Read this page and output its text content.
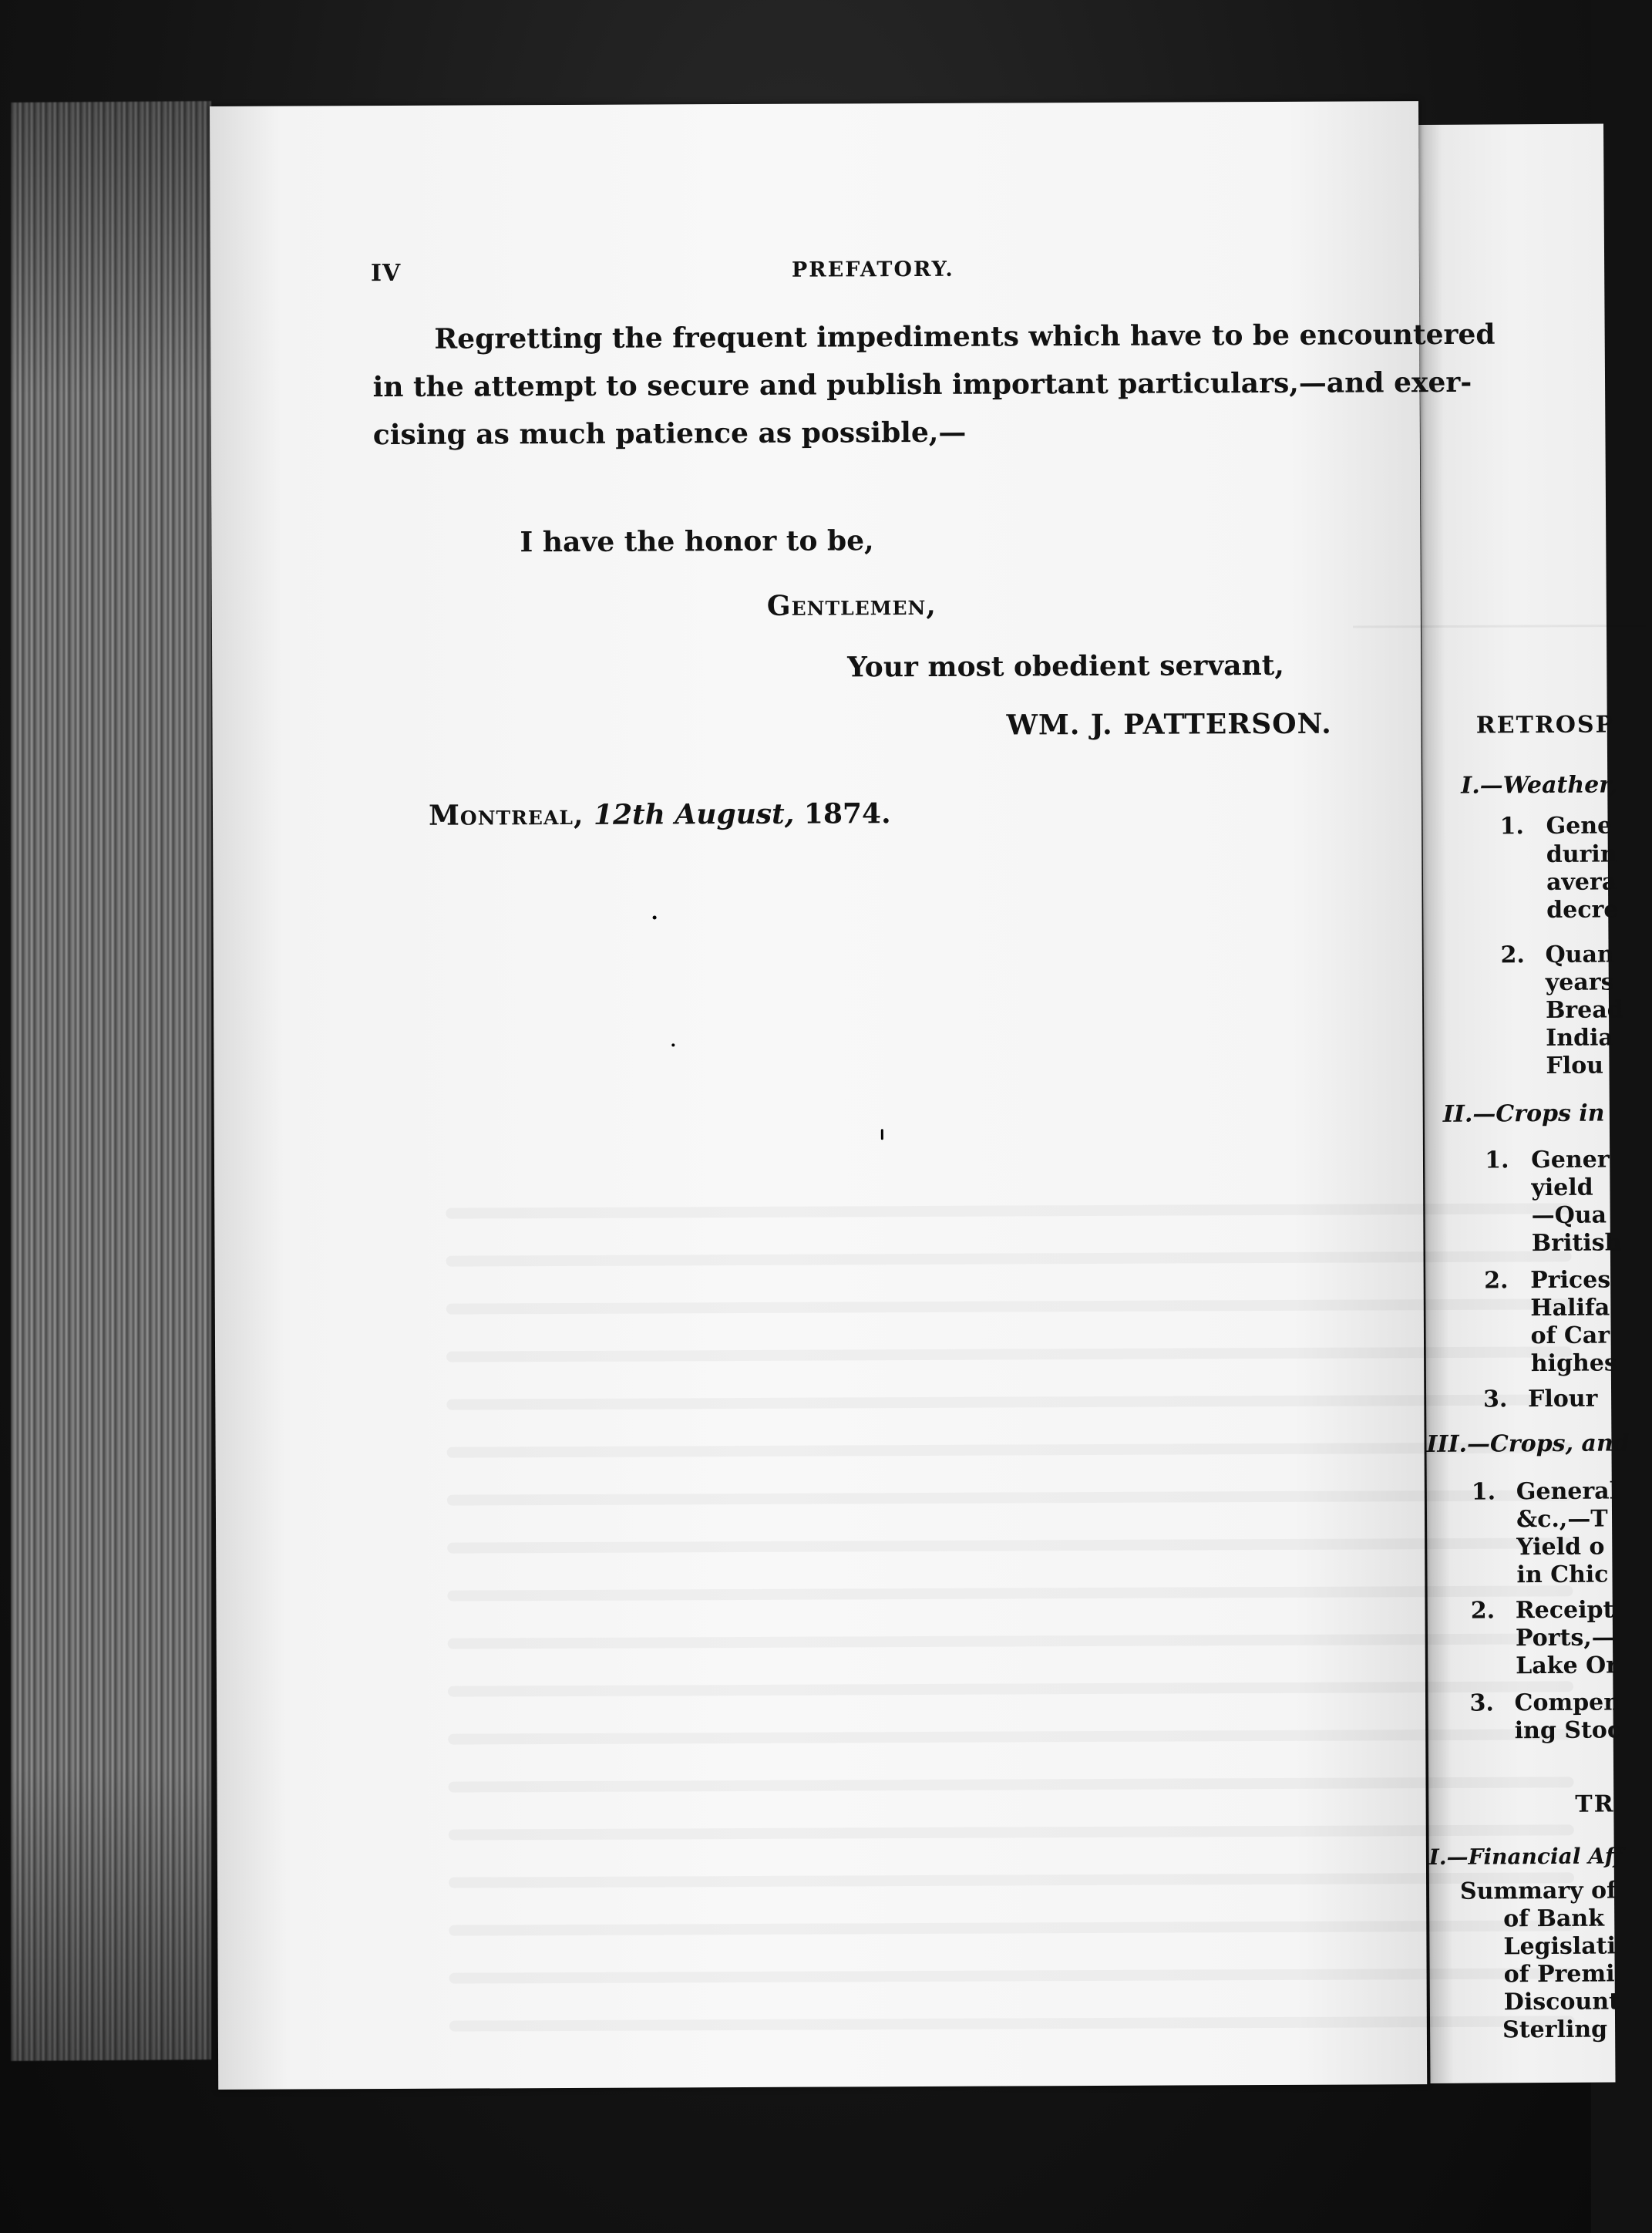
RETROSP
I.—Weather,
1. Gene
durin
avera
decre
2. Quan
years
Bread
India
Flou
II.—Crops in
1. Gener
yield
—Qua
British
2. Prices
Halifa
of Car
highes
3. Flour
III.—Crops, and
1. General
&c.,—T
Yield o
in Chic
2. Receipt
Ports,—
Lake Or
3. Compen
ing Stoc
TR
I.—Financial Aff
Summary of
of Bank
Legislati
of Premi
Discount
Sterling
IV	PREFATORY.
Regretting the frequent impediments which have to be encountered
in the attempt to secure and publish important particulars,—and exer-
cising as much patience as possible,—
I have the honor to be,
Gentlemen,
Your most obedient servant,
WM. J. PATTERSON.
Montreal, 12th August, 1874.
